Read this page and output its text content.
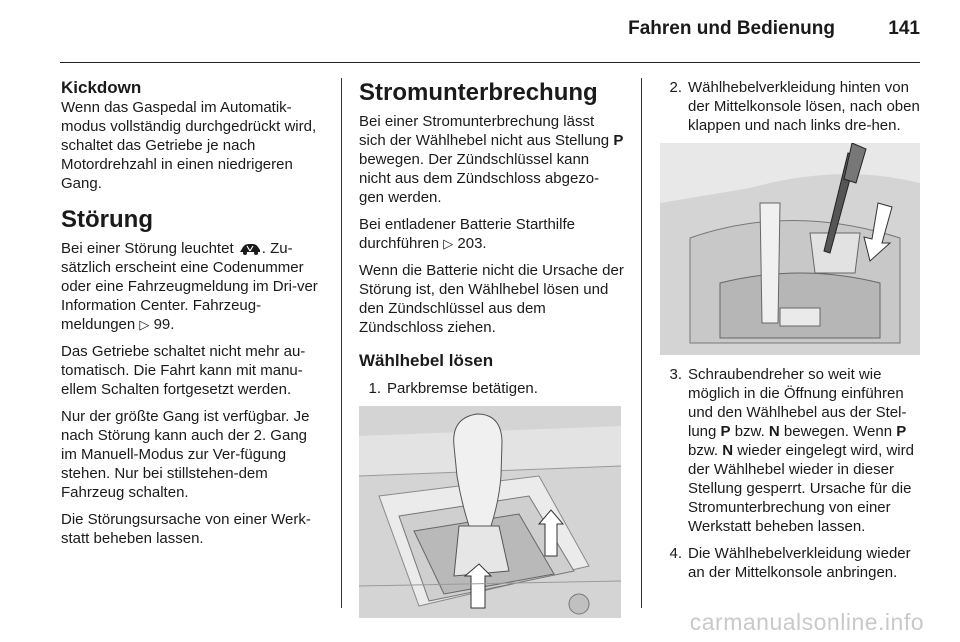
Fahren und Bedienung	141
Kickdown

Wenn das Gaspedal im Automatik-modus vollständig durchgedrückt wird, schaltet das Getriebe je nach Motordrehzahl in einen niedrigeren Gang.

Störung

Bei einer Störung leuchtet . Zu-sätzlich erscheint eine Codenummer oder eine Fahrzeugmeldung im Dri-ver Information Center. Fahrzeug-meldungen ▷ 99.

Das Getriebe schaltet nicht mehr au-tomatisch. Die Fahrt kann mit manu-ellem Schalten fortgesetzt werden.

Nur der größte Gang ist verfügbar. Je nach Störung kann auch der 2. Gang im Manuell-Modus zur Ver-fügung stehen. Nur bei stillstehen-dem Fahrzeug schalten.

Die Störungsursache von einer Werk-statt beheben lassen.

Stromunterbrechung

Bei einer Stromunterbrechung lässt sich der Wählhebel nicht aus Stellung P bewegen. Der Zündschlüssel kann nicht aus dem Zündschloss abgezo-gen werden.

Bei entladener Batterie Starthilfe durchführen ▷ 203.

Wenn die Batterie nicht die Ursache der Störung ist, den Wählhebel lösen und den Zündschlüssel aus dem Zündschloss ziehen.

Wählhebel lösen
1. Parkbremse betätigen.
2. Wählhebelverkleidung hinten von der Mittelkonsole lösen, nach oben klappen und nach links dre-hen.
3. Schraubendreher so weit wie möglich in die Öffnung einführen und den Wählhebel aus der Stel-lung P bzw. N bewegen. Wenn P bzw. N wieder eingelegt wird, wird der Wählhebel wieder in dieser Stellung gesperrt. Ursache für die Stromunterbrechung von einer Werkstatt beheben lassen.
4. Die Wählhebelverkleidung wieder an der Mittelkonsole anbringen.
carmanualsonline.info
